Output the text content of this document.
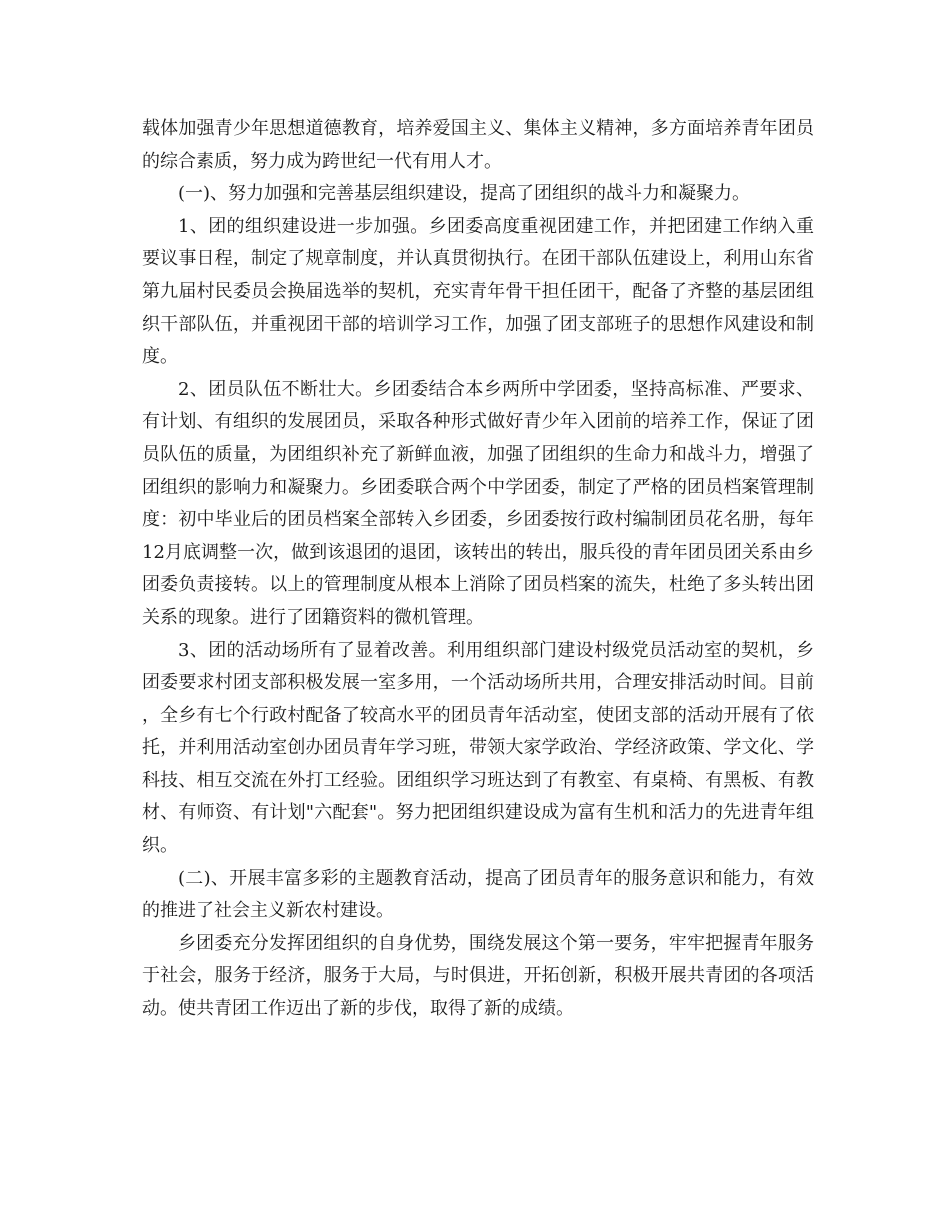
载体加强青少年思想道德教育，培养爱国主义、集体主义精神，多方面培养青年团员的综合素质，努力成为跨世纪一代有用人才。

(一)、努力加强和完善基层组织建设，提高了团组织的战斗力和凝聚力。

1、团的组织建设进一步加强。乡团委高度重视团建工作，并把团建工作纳入重要议事日程，制定了规章制度，并认真贯彻执行。在团干部队伍建设上，利用山东省第九届村民委员会换届选举的契机，充实青年骨干担任团干，配备了齐整的基层团组织干部队伍，并重视团干部的培训学习工作，加强了团支部班子的思想作风建设和制度。

2、团员队伍不断壮大。乡团委结合本乡两所中学团委，坚持高标准、严要求、有计划、有组织的发展团员，采取各种形式做好青少年入团前的培养工作，保证了团员队伍的质量，为团组织补充了新鲜血液，加强了团组织的生命力和战斗力，增强了团组织的影响力和凝聚力。乡团委联合两个中学团委，制定了严格的团员档案管理制度：初中毕业后的团员档案全部转入乡团委，乡团委按行政村编制团员花名册，每年12月底调整一次，做到该退团的退团，该转出的转出，服兵役的青年团员团关系由乡团委负责接转。以上的管理制度从根本上消除了团员档案的流失，杜绝了多头转出团关系的现象。进行了团籍资料的微机管理。

3、团的活动场所有了显着改善。利用组织部门建设村级党员活动室的契机，乡团委要求村团支部积极发展一室多用，一个活动场所共用，合理安排活动时间。目前，全乡有七个行政村配备了较高水平的团员青年活动室，使团支部的活动开展有了依托，并利用活动室创办团员青年学习班，带领大家学政治、学经济政策、学文化、学科技、相互交流在外打工经验。团组织学习班达到了有教室、有桌椅、有黑板、有教材、有师资、有计划"六配套"。努力把团组织建设成为富有生机和活力的先进青年组织。

(二)、开展丰富多彩的主题教育活动，提高了团员青年的服务意识和能力，有效的推进了社会主义新农村建设。

乡团委充分发挥团组织的自身优势，围绕发展这个第一要务，牢牢把握青年服务于社会，服务于经济，服务于大局，与时俱进，开拓创新，积极开展共青团的各项活动。使共青团工作迈出了新的步伐，取得了新的成绩。
